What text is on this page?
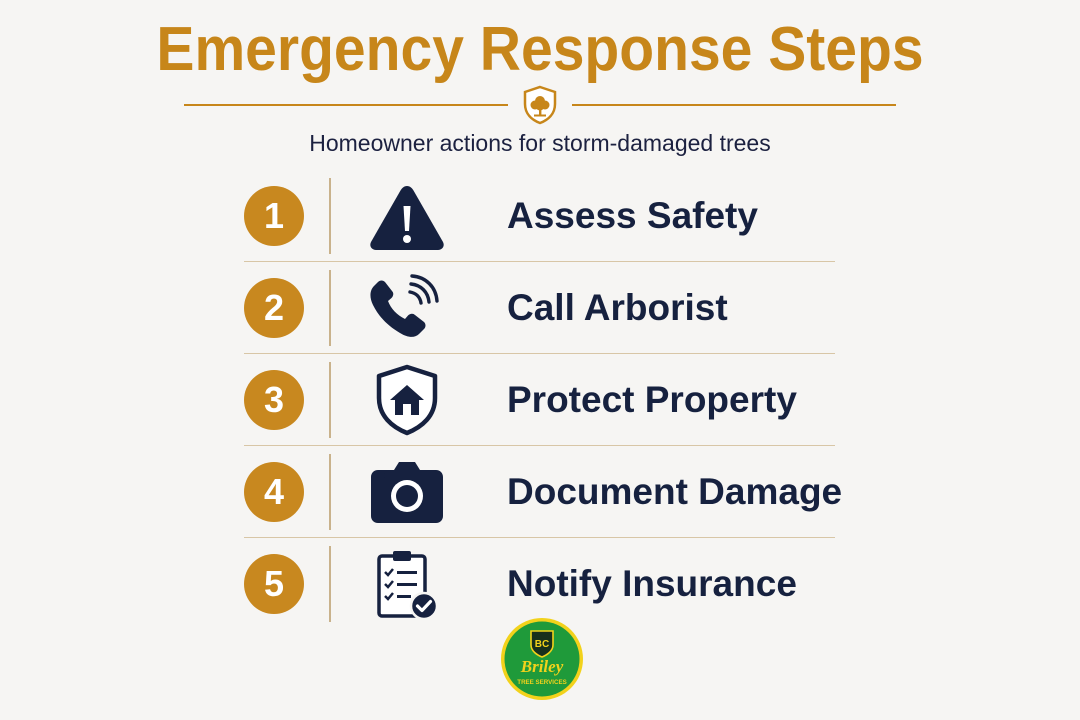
Emergency Response Steps
Homeowner actions for storm-damaged trees
1	Assess Safety
2	Call Arborist
3	Protect Property
4	Document Damage
5	Notify Insurance
BC
Briley
TREE SERVICES
